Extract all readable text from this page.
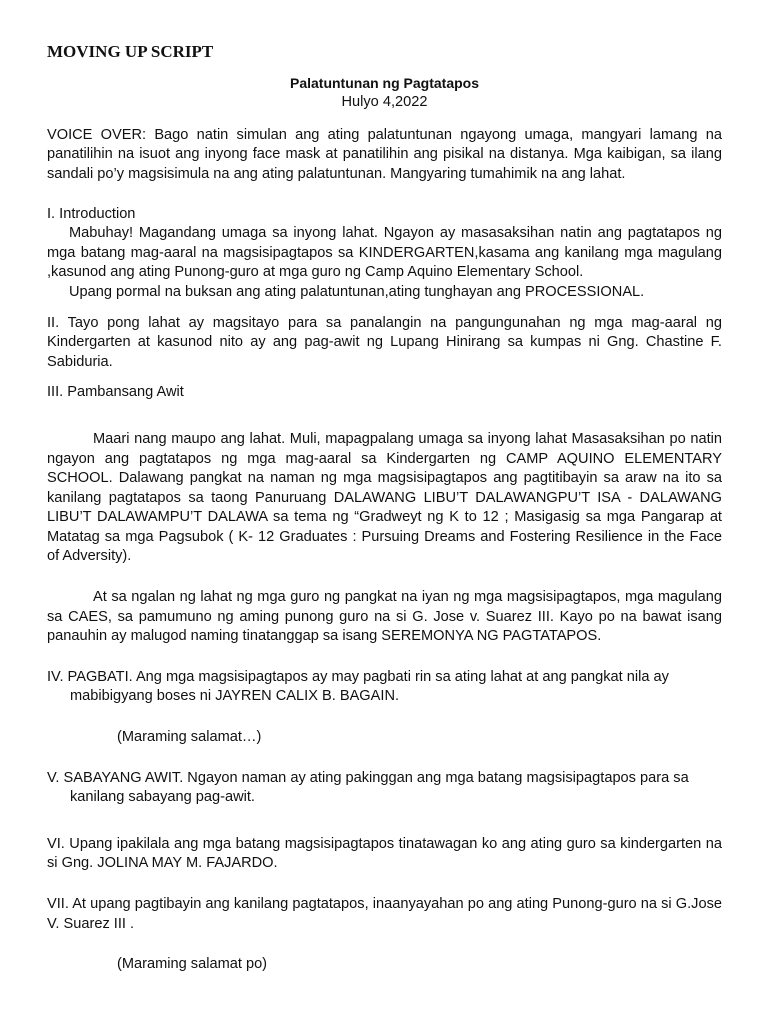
MOVING UP SCRIPT
Palatuntunan ng Pagtatapos
Hulyo 4,2022

VOICE OVER: Bago natin simulan ang ating palatuntunan ngayong umaga, mangyari lamang na panatilihin na isuot ang inyong face mask at panatilihin ang pisikal na distanya. Mga kaibigan, sa ilang sandali po’y magsisimula na ang ating palatuntunan. Mangyaring tumahimik na ang lahat.

I. Introduction

Mabuhay! Magandang umaga sa inyong lahat. Ngayon ay masasaksihan natin ang pagtatapos ng mga batang mag-aaral na magsisipagtapos sa KINDERGARTEN,kasama ang kanilang mga magulang ,kasunod ang ating Punong-guro at mga guro ng Camp Aquino Elementary School.

Upang pormal na buksan ang ating palatuntunan,ating tunghayan ang PROCESSIONAL.

II. Tayo pong lahat ay magsitayo para sa panalangin na pangungunahan ng mga mag-aaral ng Kindergarten at kasunod nito ay ang pag-awit ng Lupang Hinirang sa kumpas ni Gng. Chastine F. Sabiduria.

III. Pambansang Awit

Maari nang maupo ang lahat. Muli, mapagpalang umaga sa inyong lahat Masasaksihan po natin ngayon ang pagtatapos ng mga mag-aaral sa Kindergarten ng CAMP AQUINO ELEMENTARY SCHOOL. Dalawang pangkat na naman ng mga magsisipagtapos ang pagtitibayin sa araw na ito sa kanilang pagtatapos sa taong Panuruang DALAWANG LIBU’T DALAWANGPU’T ISA - DALAWANG LIBU’T DALAWAMPU’T DALAWA sa tema ng “Gradweyt ng K to 12 ; Masigasig sa mga Pangarap at Matatag sa mga Pagsubok ( K- 12 Graduates : Pursuing Dreams and Fostering Resilience in the Face of Adversity).

At sa ngalan ng lahat ng mga guro ng pangkat na iyan ng mga magsisipagtapos, mga magulang sa CAES, sa pamumuno ng aming punong guro na si G. Jose v. Suarez III. Kayo po na bawat isang panauhin ay malugod naming tinatanggap sa isang SEREMONYA NG PAGTATAPOS.

IV. PAGBATI. Ang mga magsisipagtapos ay may pagbati rin sa ating lahat at ang pangkat nila ay mabibigyang boses ni JAYREN CALIX B. BAGAIN.

(Maraming salamat…)

V. SABAYANG AWIT. Ngayon naman ay ating pakinggan ang mga batang magsisipagtapos para sa kanilang sabayang pag-awit.

VI. Upang ipakilala ang mga batang magsisipagtapos tinatawagan ko ang ating guro sa kindergarten na si Gng. JOLINA MAY M. FAJARDO.

VII. At upang pagtibayin ang kanilang pagtatapos, inaanyayahan po ang ating Punong-guro na si G.Jose V. Suarez III .

(Maraming salamat po)
